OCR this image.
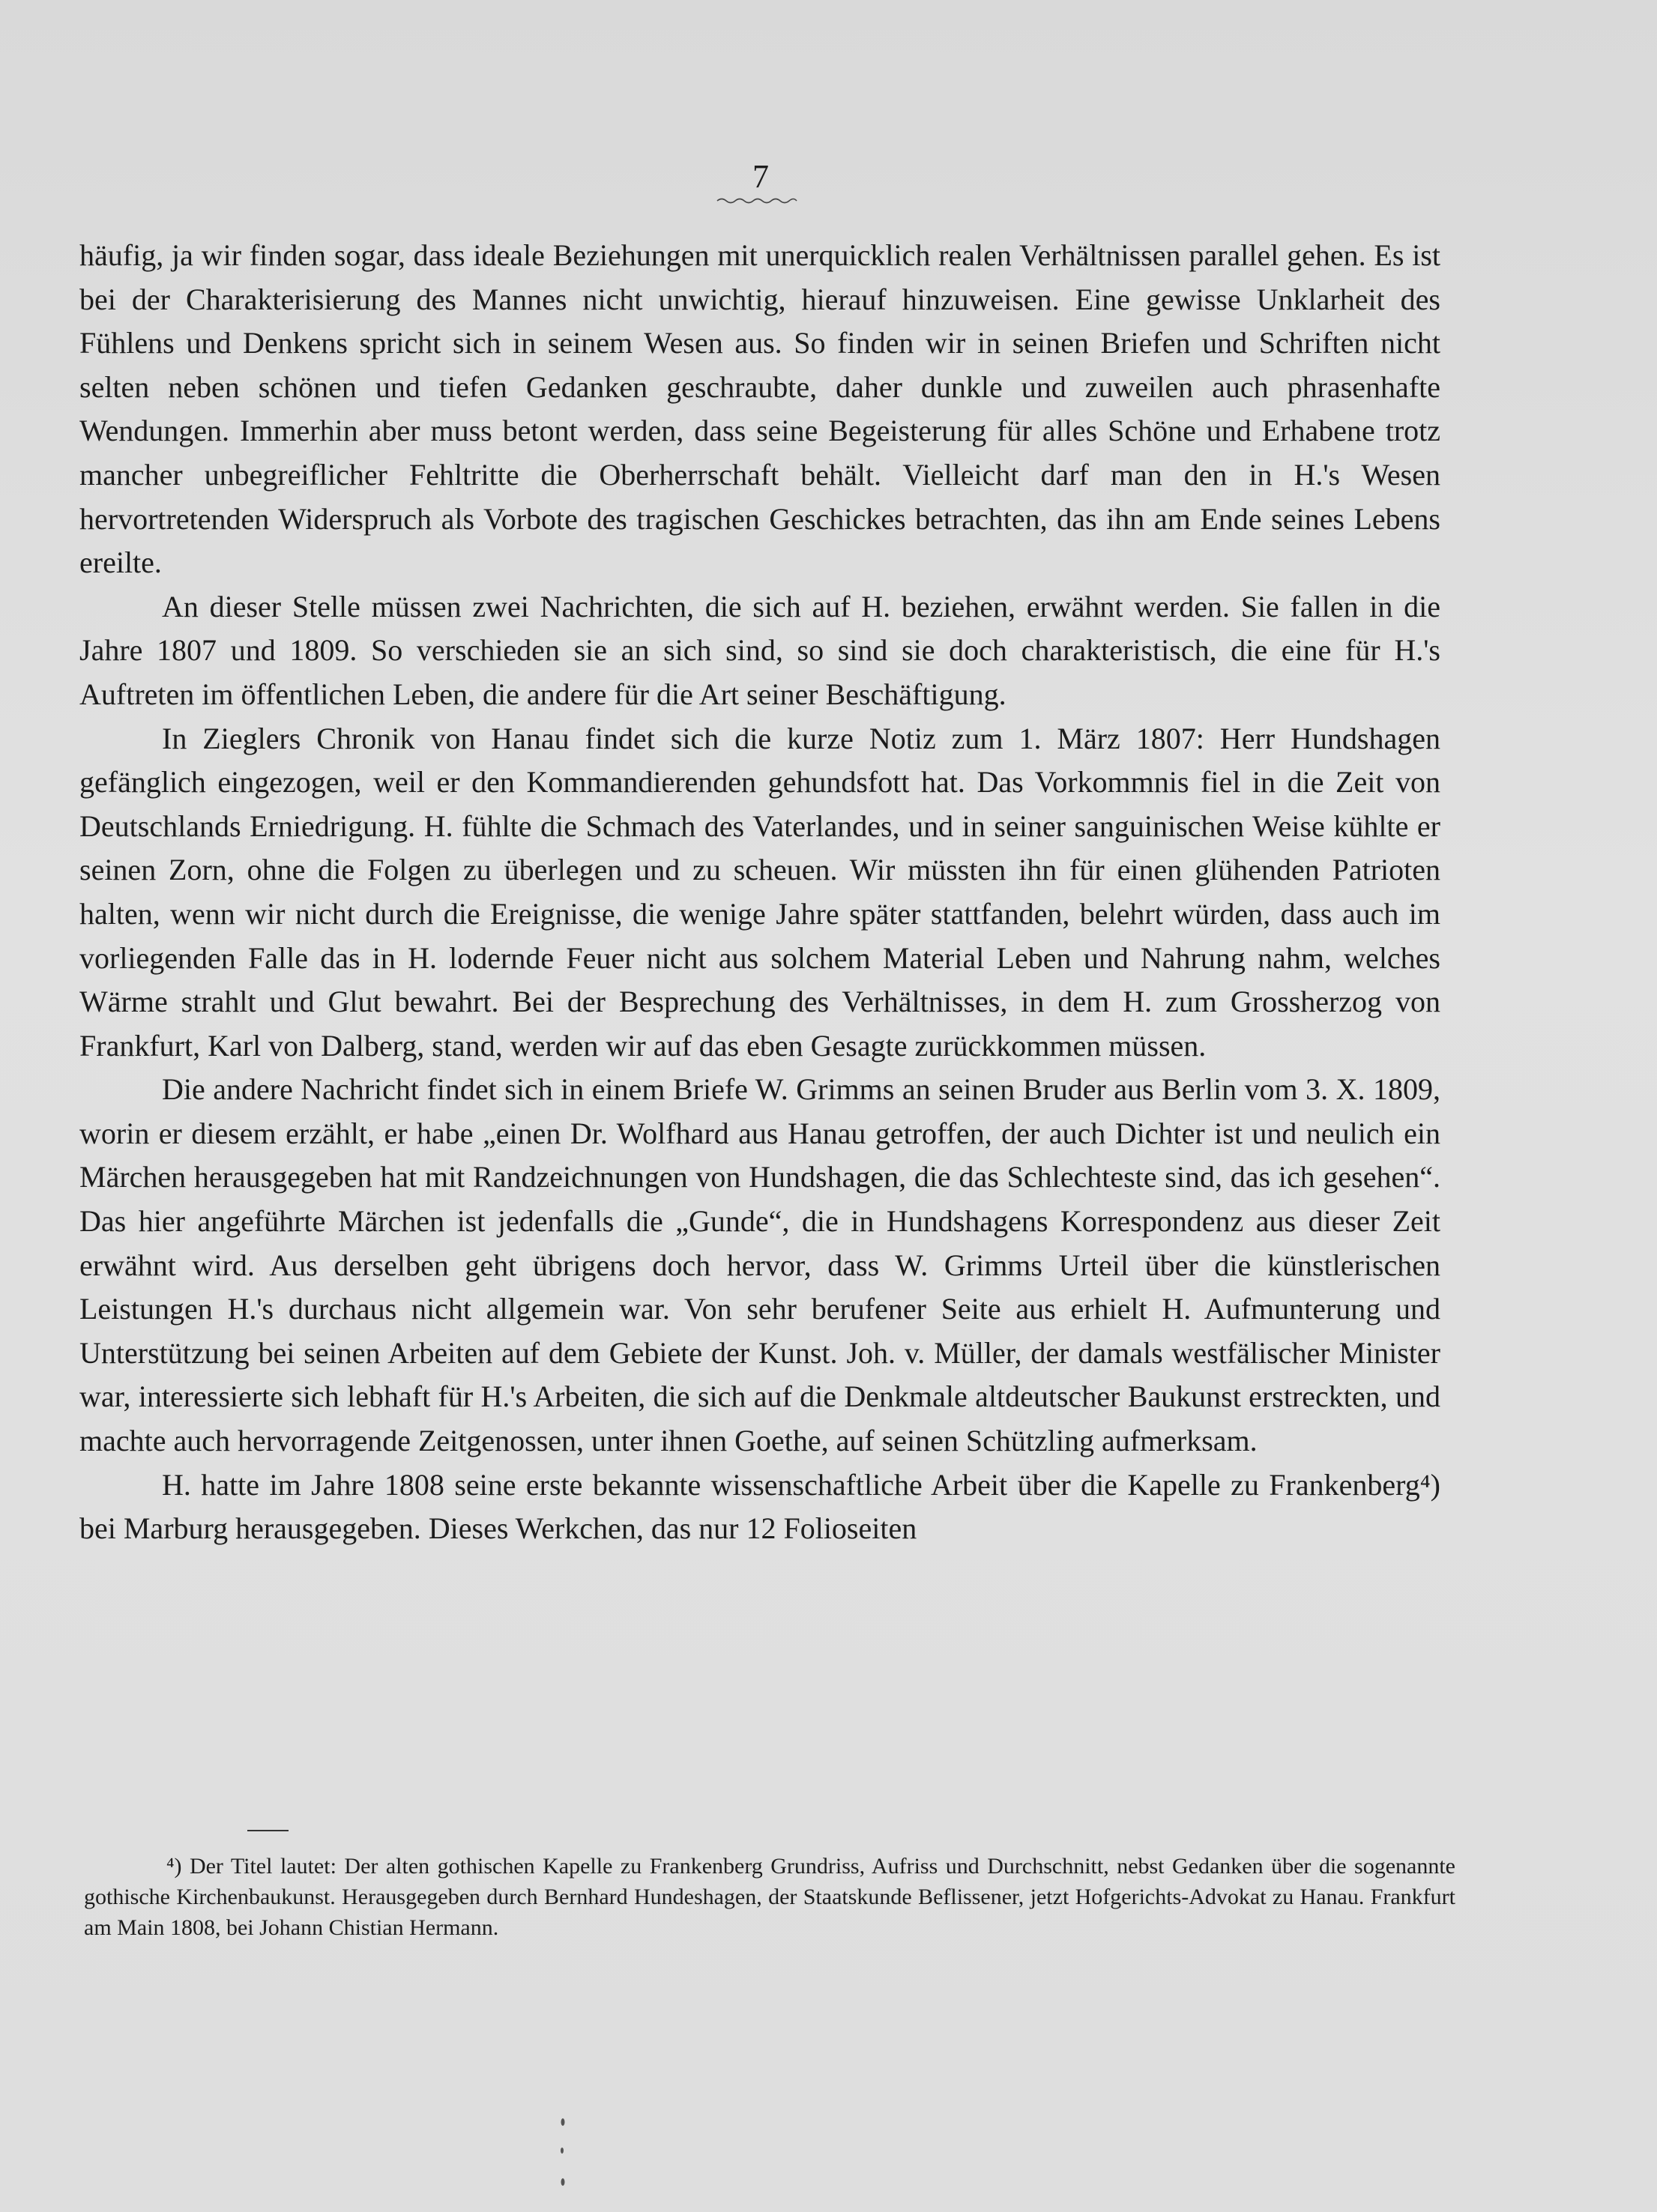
7

häufig, ja wir finden sogar, dass ideale Beziehungen mit unerquicklich realen Verhältnissen parallel gehen. Es ist bei der Charakterisierung des Mannes nicht unwichtig, hierauf hinzuweisen. Eine gewisse Unklarheit des Fühlens und Denkens spricht sich in seinem Wesen aus. So finden wir in seinen Briefen und Schriften nicht selten neben schönen und tiefen Gedanken geschraubte, daher dunkle und zuweilen auch phrasenhafte Wendungen. Immerhin aber muss betont werden, dass seine Begeisterung für alles Schöne und Erhabene trotz mancher unbegreiflicher Fehltritte die Oberherrschaft behält. Vielleicht darf man den in H.'s Wesen hervortretenden Widerspruch als Vorbote des tragischen Geschickes betrachten, das ihn am Ende seines Lebens ereilte.

An dieser Stelle müssen zwei Nachrichten, die sich auf H. beziehen, erwähnt werden. Sie fallen in die Jahre 1807 und 1809. So verschieden sie an sich sind, so sind sie doch charakteristisch, die eine für H.'s Auftreten im öffentlichen Leben, die andere für die Art seiner Beschäftigung.

In Zieglers Chronik von Hanau findet sich die kurze Notiz zum 1. März 1807: Herr Hundshagen gefänglich eingezogen, weil er den Kommandierenden gehundsfott hat. Das Vorkommnis fiel in die Zeit von Deutschlands Erniedrigung. H. fühlte die Schmach des Vaterlandes, und in seiner sanguinischen Weise kühlte er seinen Zorn, ohne die Folgen zu überlegen und zu scheuen. Wir müssten ihn für einen glühenden Patrioten halten, wenn wir nicht durch die Ereignisse, die wenige Jahre später stattfanden, belehrt würden, dass auch im vorliegenden Falle das in H. lodernde Feuer nicht aus solchem Material Leben und Nahrung nahm, welches Wärme strahlt und Glut bewahrt. Bei der Besprechung des Verhältnisses, in dem H. zum Grossherzog von Frankfurt, Karl von Dalberg, stand, werden wir auf das eben Gesagte zurückkommen müssen.

Die andere Nachricht findet sich in einem Briefe W. Grimms an seinen Bruder aus Berlin vom 3. X. 1809, worin er diesem erzählt, er habe „einen Dr. Wolfhard aus Hanau getroffen, der auch Dichter ist und neulich ein Märchen herausgegeben hat mit Randzeichnungen von Hundshagen, die das Schlechteste sind, das ich gesehen“. Das hier angeführte Märchen ist jedenfalls die „Gunde“, die in Hundshagens Korrespondenz aus dieser Zeit erwähnt wird. Aus derselben geht übrigens doch hervor, dass W. Grimms Urteil über die künstlerischen Leistungen H.'s durchaus nicht allgemein war. Von sehr berufener Seite aus erhielt H. Aufmunterung und Unterstützung bei seinen Arbeiten auf dem Gebiete der Kunst. Joh. v. Müller, der damals westfälischer Minister war, interessierte sich lebhaft für H.'s Arbeiten, die sich auf die Denkmale altdeutscher Baukunst erstreckten, und machte auch hervorragende Zeitgenossen, unter ihnen Goethe, auf seinen Schützling aufmerksam.

H. hatte im Jahre 1808 seine erste bekannte wissenschaftliche Arbeit über die Kapelle zu Frankenberg⁴) bei Marburg herausgegeben. Dieses Werkchen, das nur 12 Folioseiten

⁴) Der Titel lautet: Der alten gothischen Kapelle zu Frankenberg Grundriss, Aufriss und Durchschnitt, nebst Gedanken über die sogenannte gothische Kirchenbaukunst. Herausgegeben durch Bernhard Hundeshagen, der Staatskunde Beflissener, jetzt Hofgerichts-Advokat zu Hanau. Frankfurt am Main 1808, bei Johann Chistian Hermann.
